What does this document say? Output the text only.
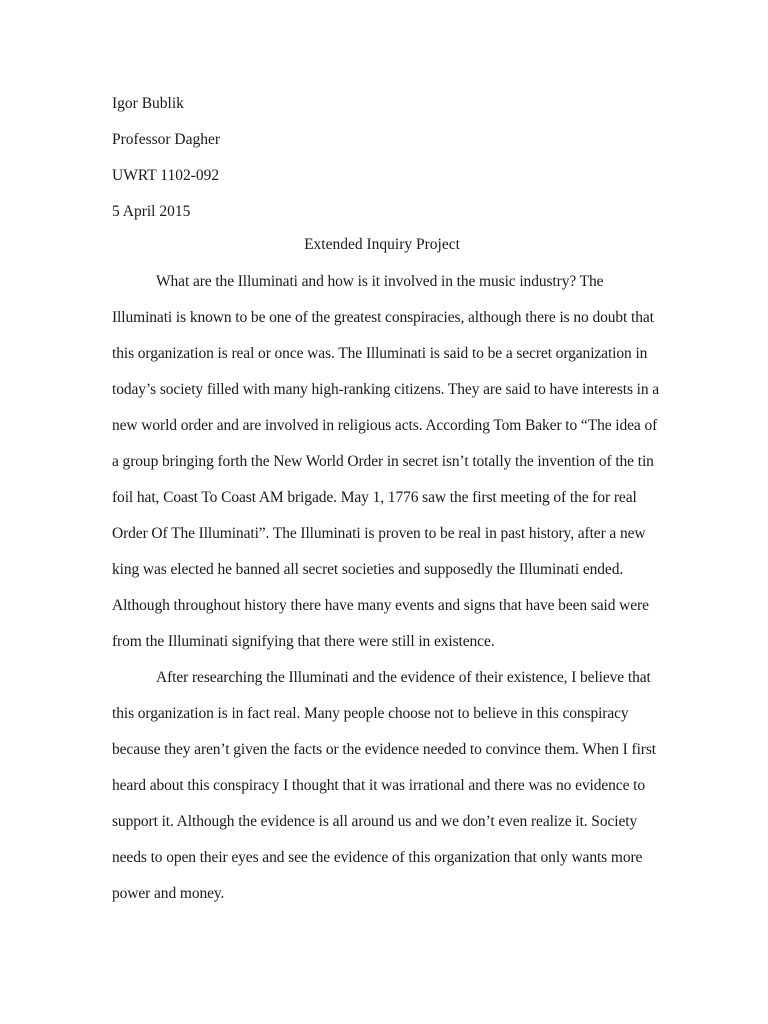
Igor Bublik
Professor Dagher
UWRT 1102-092
5 April 2015
Extended Inquiry Project
What are the Illuminati and how is it involved in the music industry? The
Illuminati is known to be one of the greatest conspiracies, although there is no doubt that
this organization is real or once was. The Illuminati is said to be a secret organization in
today’s society filled with many high-ranking citizens. They are said to have interests in a
new world order and are involved in religious acts. According Tom Baker to “The idea of
a group bringing forth the New World Order in secret isn’t totally the invention of the tin
foil hat, Coast To Coast AM brigade. May 1, 1776 saw the first meeting of the for real
Order Of The Illuminati”. The Illuminati is proven to be real in past history, after a new
king was elected he banned all secret societies and supposedly the Illuminati ended.
Although throughout history there have many events and signs that have been said were
from the Illuminati signifying that there were still in existence.
After researching the Illuminati and the evidence of their existence, I believe that
this organization is in fact real. Many people choose not to believe in this conspiracy
because they aren’t given the facts or the evidence needed to convince them. When I first
heard about this conspiracy I thought that it was irrational and there was no evidence to
support it. Although the evidence is all around us and we don’t even realize it. Society
needs to open their eyes and see the evidence of this organization that only wants more
power and money.
